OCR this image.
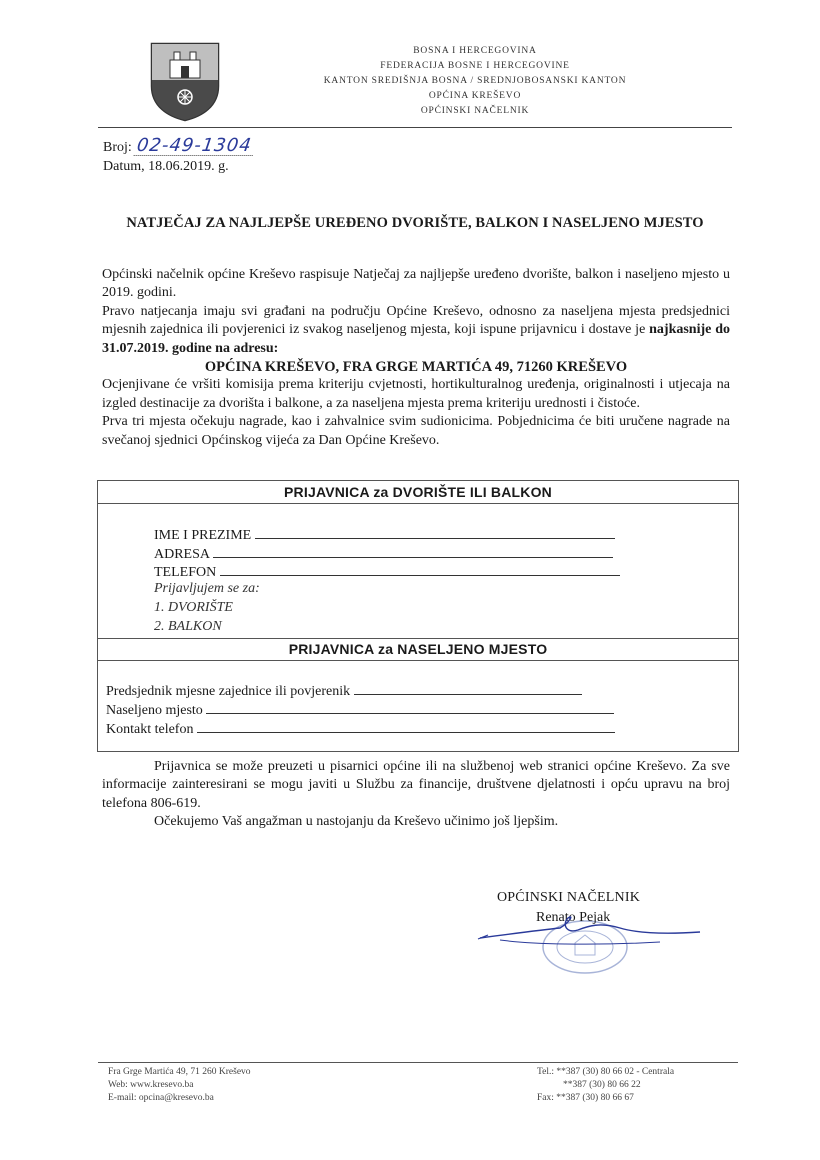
BOSNA I HERCEGOVINA
FEDERACIJA BOSNE I HERCEGOVINE
KANTON SREDIŠNJA BOSNA / SREDNJOBOSANSKI KANTON
OPĆINA KREŠEVO
OPĆINSKI NAČELNIK
Broj: 02-49-1304
Datum, 18.06.2019. g.
NATJEČAJ ZA NAJLJEPŠE UREĐENO DVORIŠTE, BALKON I NASELJENO MJESTO

Općinski načelnik općine Kreševo raspisuje Natječaj za najljepše uređeno dvorište, balkon i naseljeno mjesto u 2019. godini.

Pravo natjecanja imaju svi građani na području Općine Kreševo, odnosno za naseljena mjesta predsjednici mjesnih zajednica ili povjerenici iz svakog naseljenog mjesta, koji ispune prijavnicu i dostave je najkasnije do 31.07.2019. godine na adresu:

OPĆINA KREŠEVO, FRA GRGE MARTIĆA 49, 71260 KREŠEVO

Ocjenjivane će vršiti komisija prema kriteriju cvjetnosti, hortikulturalnog uređenja, originalnosti i utjecaja na izgled destinacije za dvorišta i balkone, a za naseljena mjesta prema kriteriju urednosti i čistoće.

Prva tri mjesta očekuju nagrade, kao i zahvalnice svim sudionicima. Pobjednicima će biti uručene nagrade na svečanoj sjednici Općinskog vijeća za Dan Općine Kreševo.

PRIJAVNICA za DVORIŠTE ILI BALKON
IME I PREZIME
ADRESA
TELEFON
Prijavljujem se za:
1. DVORIŠTE
2. BALKON
PRIJAVNICA za NASELJENO MJESTO
Predsjednik mjesne zajednice ili povjerenik
Naseljeno mjesto
Kontakt telefon

Prijavnica se može preuzeti u pisarnici općine ili na službenoj web stranici općine Kreševo. Za sve informacije zainteresirani se mogu javiti u Službu za financije, društvene djelatnosti i opću upravu na broj telefona 806-619.

Očekujemo Vaš angažman u nastojanju da Kreševo učinimo još ljepšim.

OPĆINSKI NAČELNIK
Renato Pejak
Fra Grge Martića 49, 71 260 Kreševo
Web: www.kresevo.ba
E-mail: opcina@kresevo.ba
Tel.: **387 (30) 80 66 02 - Centrala
**387 (30) 80 66 22
Fax: **387 (30) 80 66 67
